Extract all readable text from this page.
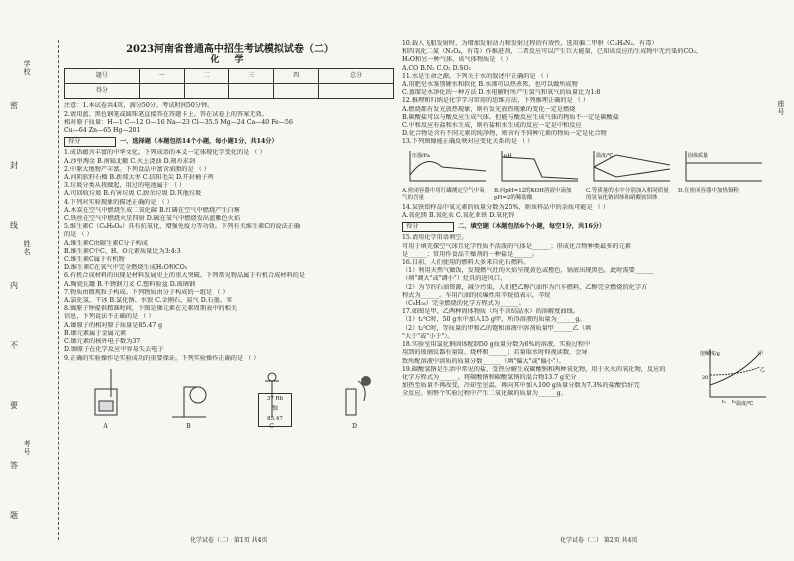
学校
姓名
考号
密
封
线
内
不
要
答
题
座号
2023河南省普通高中招生考试模拟试卷（二）
化 学
题号	一	二	三	四	总分
得分					

注意：1.本试卷共4页，满分50分，考试时间50分钟。

2.请用蓝、黑色钢笔或圆珠笔直接答在答题卡上。答在试卷上的答案无效。

相对原子质量：H—1 C—12 O—16 Na—23 Cl—35.5 Mg—24 Ca—40 Fe—56

Cu—64 Zn—65 Hg—201

得分	一、选择题（本题包括14个小题，每小题1分，共14分）

1.成语蕴含丰富的中华文化。下列成语的本义一定体现化学变化的是 （ ）

A.沙里淘金 B.南辕北辙 C.火上浇油 D.刻舟求剑

2.中原大地物产丰富。下列食品中富含油脂的是 （ ）

A.河阴软籽石榴 B.新郑大枣 C.信阳毛尖 D.开封桶子鸡

3.垃圾分类从我做起，用过的电池属于 （ ）

A.可回收垃圾 B.有害垃圾 C.厨余垃圾 D.其他垃圾

4.下列对实验现象的描述正确的是 （ ）

A.木炭在空气中燃烧生成二氧化碳 B.红磷在空气中燃烧产生白雾

C.铁丝在空气中燃烧火星四射 D.硫在氧气中燃烧发出蓝紫色火焰

5.维生素C（C₆H₈O₆）具有抗氧化、增强免疫力等功效。下列有关维生素C的说法正确

的是 （ ）

A.维生素C由碳生素C分子构成

B.维生素C中C、H、O元素质量比为3:4:3

C.维生素C属于有机物

D.维生素C在氧气中完全燃烧生成H₂O和CO₂

6.有机合成材料的出现是材料发展史上的重大突破。下列常见物品属于有机合成材料的是

A.陶瓷瓦罐 B.不锈钢刀叉 C.塑料脸盆 D.玻璃钢

7.物质由微观粒子构成。下列物质由分子构成的一组是 （ ）

A.氯化氢、干冰 B.氯化钠、水银 C.金刚石、氦气 D.石墨、苯

8.铷原子钟提供精准时间，下图是铷元素在元素周期表中的相关

信息，下列说法不正确的是 （ ）

A.铷原子的相对原子质量是85.47 g

B.铷元素属于金属元素

C.铷元素的核外电子数为37

D.铷原子在化学反应中容易失去电子

9.正确的实验操作是实验成功的重要保证。下列实验操作正确的是 （ ）

A	B	C	D
37 Rb
铷
85.47

10.载人飞船发射时，为增加发射动力和发射过程的有效性，选用偏二甲肼（C₂H₈N₂，有毒）

和四氧化二氮（N₂O₄，有毒）作推进剂，二者反应可以产生巨大能量，已知该反应的生成物中无污染的CO₂、

H₂O和另一种气体，该气体物质是 （ ）

A.CO B.N₂ C.O₂ D.SO₂

11.水是生命之源。下列关于水的叙述中正确的是 （ ）

A.用肥皂水鉴别硬水和软化 B.水沸可以热杀死，也可以做所成物

C.蒸馏是水净化的一种方法 D.水电解时所产生氢气和氧气的质量比为1:8

12.推理和归纳是化学学习常用的思维方法，下列推理正确的是 （ ）

A.燃烧都有发光放热现象，则有发光放热现象的变化一定是燃烧

B.碳酸盐可以与酸反应生成气体，但能与酸反应生成气体的物质不一定是碳酸盐

C.中和反应有盐和水生成，则有盐和水生成的反应一定是中和反应

D.化合物是含有不同元素的纯净物，则含有不同种元素的物质一定是化合物

13.下列图像能正确反映对应变化关系的是 （ ）

压强/Pa
A.密闭容器中用红磷测定空气中氧气的含量
pH
B.向pH=12的KOH溶液中滴加pH=2的稀盐酸
温度/℃
C.等质量的水中分别加入相同质量的氢氧化钠固体和硝酸铵固体
固体质量
D.在密闭容器中加热铜粉

14.某铁铝样品中氧元素的质量分数为25%，则该样品中的杂质可能是 （ ）

A.氧化镁 B.氧化汞 C.氧化亚铁 D.氧化锌

得分	二、填空题（本题包括6个小题，每空1分，共16分）

15.请用化学用语填空。

可用于填充探空气球且化学性质不活泼的气体是______；形成化合物种类最多的元素

是______；常用作食品干燥剂的一种盐是______。

16.目前，人们使用的燃料大多来自化石燃料。

（1）利用天然气做饭，发现燃气灶的火焰呈现黄色或橙色，锅底出现黑色，此时需要______

（填"调大"或"调小"）灶具的进风口。

（2）为节约石油资源，减少污染，人们把乙醇汽油作为汽车燃料，乙醇完全燃烧的化学方

程式为______。车用汽油的抗爆性用辛烷值表示，辛烷

（C₈H₁₈）完全燃烧的化学方程式为______。

17.如图是甲、乙两种固体物质（均不含结晶水）的溶解度曲线。

（1）t₁℃时，50 g水中加入15 g甲，所得溶液的质量为______g。

（2）t₂℃时，等质量的甲和乙的饱和溶液中溶剂质量甲______乙（填

"大于"或"小于"）。

18.实验室用氯化钠固体配制50 g质量分数为6%的溶液，实验过程中

用到的玻璃仪器有量筒、烧杯和______；若量取水时仰视读数，会导

致所配溶液中溶质的质量分数______（填"偏大"或"偏小"）。

19.碳酸氢钠是生活中常见的盐，受热分解生成碳酸钠和两种氧化物，用于灭火的氧化物，反应的

化学方程式为______。将碳酸钠和碳酸氢钠的混合物13.7 g充分

加热至质量不再改变，冷却至室温，再向其中加入100 g质量分数为7.3%的盐酸恰好完

全反应。则整个实验过程中产生二氧化碳的质量为______g。

溶解度/g
温度/℃
20
t₁ t₂
甲
乙
化学试卷（二） 第1页 共4页	化学试卷（二） 第2页 共4页
